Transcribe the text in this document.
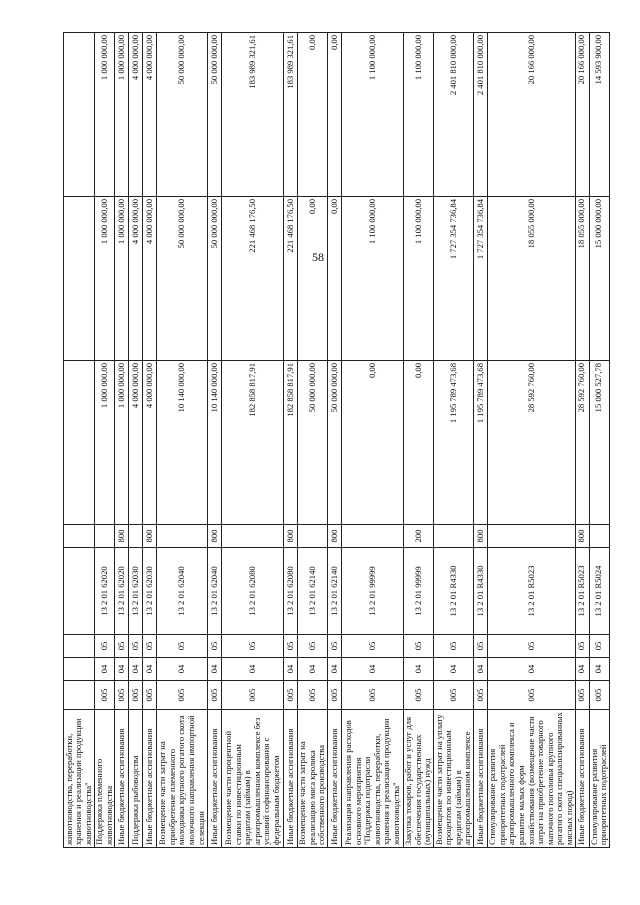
58
животноводства, переработки, хранения и реализации продукции животноводства"								
Поддержка племенного животноводства	005	04	05	13 2 01 62020		1 000 000,00	1 000 000,00	1 000 000,00
Иные бюджетные ассигнования	005	04	05	13 2 01 62020	800	1 000 000,00	1 000 000,00	1 000 000,00
Поддержка рыбоводства	005	04	05	13 2 01 62030		4 000 000,00	4 000 000,00	4 000 000,00
Иные бюджетные ассигнования	005	04	05	13 2 01 62030	800	4 000 000,00	4 000 000,00	4 000 000,00
Возмещение части затрат на приобретение племенного молодняка крупного рогатого скота молочного направления импортной селекции	005	04	05	13 2 01 62040		10 140 000,00	50 000 000,00	50 000 000,00
Иные бюджетные ассигнования	005	04	05	13 2 01 62040	800	10 140 000,00	50 000 000,00	50 000 000,00
Возмещение части процентной ставки по инвестиционным кредитам (займам) в агропромышленном комплексе без условий софинансирования с федеральным бюджетом	005	04	05	13 2 01 62080		182 858 817,91	221 468 176,50	183 989 321,61
Иные бюджетные ассигнования	005	04	05	13 2 01 62080	800	182 858 817,91	221 468 176,50	183 989 321,61
Возмещение части затрат на реализацию мяса кролика собственного производства	005	04	05	13 2 01 62140		50 000 000,00	0,00	0,00
Иные бюджетные ассигнования	005	04	05	13 2 01 62140	800	50 000 000,00	0,00	0,00
Реализация направления расходов основного мероприятия "Поддержка подотрасли животноводства, переработки, хранения и реализации продукции животноводства"	005	04	05	13 2 01 99999		0,00	1 100 000,00	1 100 000,00
Закупка товаров, работ и услуг для обеспечения государственных (муниципальных) нужд	005	04	05	13 2 01 99999	200	0,00	1 100 000,00	1 100 000,00
Возмещение части затрат на уплату процентов по инвестиционным кредитам (займам) в агропромышленном комплексе	005	04	05	13 2 01 R4330		1 195 789 473,68	1 727 354 736,84	2 401 810 000,00
Иные бюджетные ассигнования	005	04	05	13 2 01 R4330	800	1 195 789 473,68	1 727 354 736,84	2 401 810 000,00
Стимулирование развития приоритетных подотраслей агропромышленного комплекса и развитие малых форм хозяйствования (возмещение части затрат на приобретение товарного маточного поголовья крупного рогатого скота специализированных мясных пород)	005	04	05	13 2 01 R5023		28 592 760,00	18 055 000,00	20 166 000,00
Иные бюджетные ассигнования	005	04	05	13 2 01 R5023	800	28 592 760,00	18 055 000,00	20 166 000,00
Стимулирование развития приоритетных подотраслей	005	04	05	13 2 01 R5024		15 000 527,78	15 000 000,00	14 593 900,00
